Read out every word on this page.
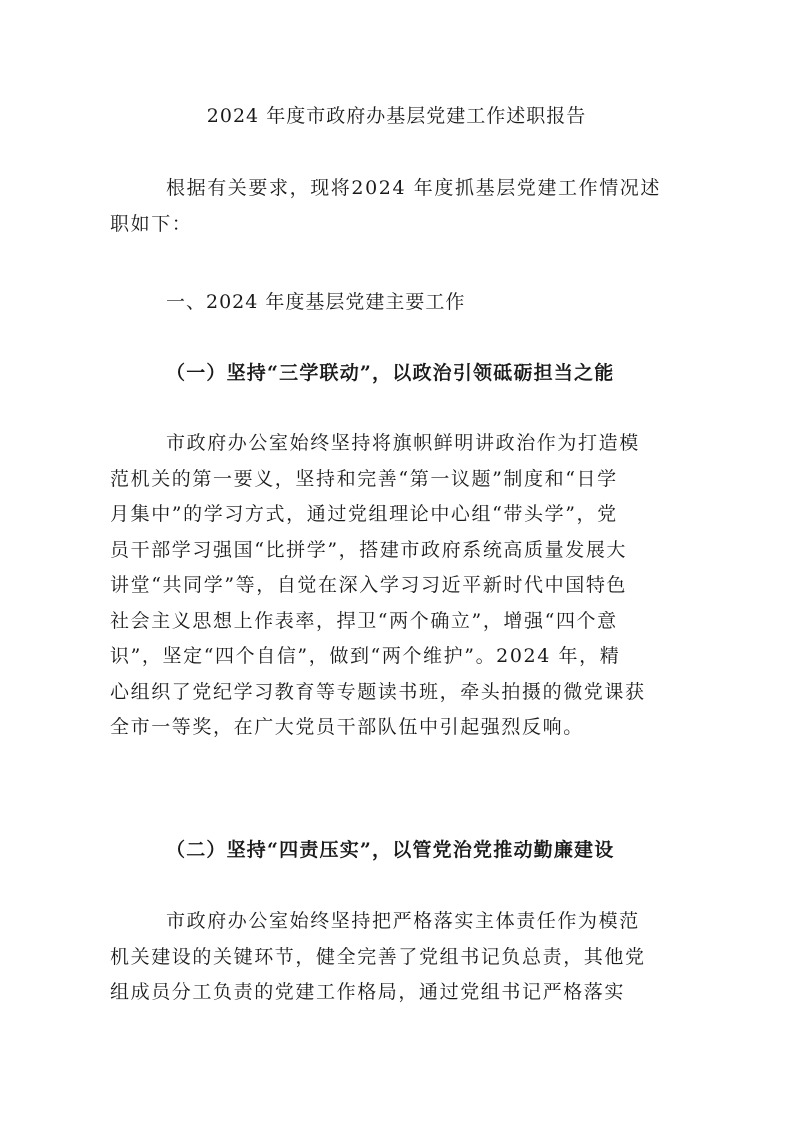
2024 年度市政府办基层党建工作述职报告
根据有关要求，现将2024 年度抓基层党建工作情况述
职如下：
一、2024 年度基层党建主要工作
（一）坚持“三学联动”，以政治引领砥砺担当之能
市政府办公室始终坚持将旗帜鲜明讲政治作为打造模
范机关的第一要义，坚持和完善“第一议题”制度和“日学
月集中”的学习方式，通过党组理论中心组“带头学”，党
员干部学习强国“比拼学”，搭建市政府系统高质量发展大
讲堂“共同学”等，自觉在深入学习习近平新时代中国特色
社会主义思想上作表率，捍卫“两个确立”，增强“四个意
识”，坚定“四个自信”，做到“两个维护”。2024 年，精
心组织了党纪学习教育等专题读书班，牵头拍摄的微党课获
全市一等奖，在广大党员干部队伍中引起强烈反响。
（二）坚持“四责压实”，以管党治党推动勤廉建设
市政府办公室始终坚持把严格落实主体责任作为模范
机关建设的关键环节，健全完善了党组书记负总责，其他党
组成员分工负责的党建工作格局，通过党组书记严格落实
